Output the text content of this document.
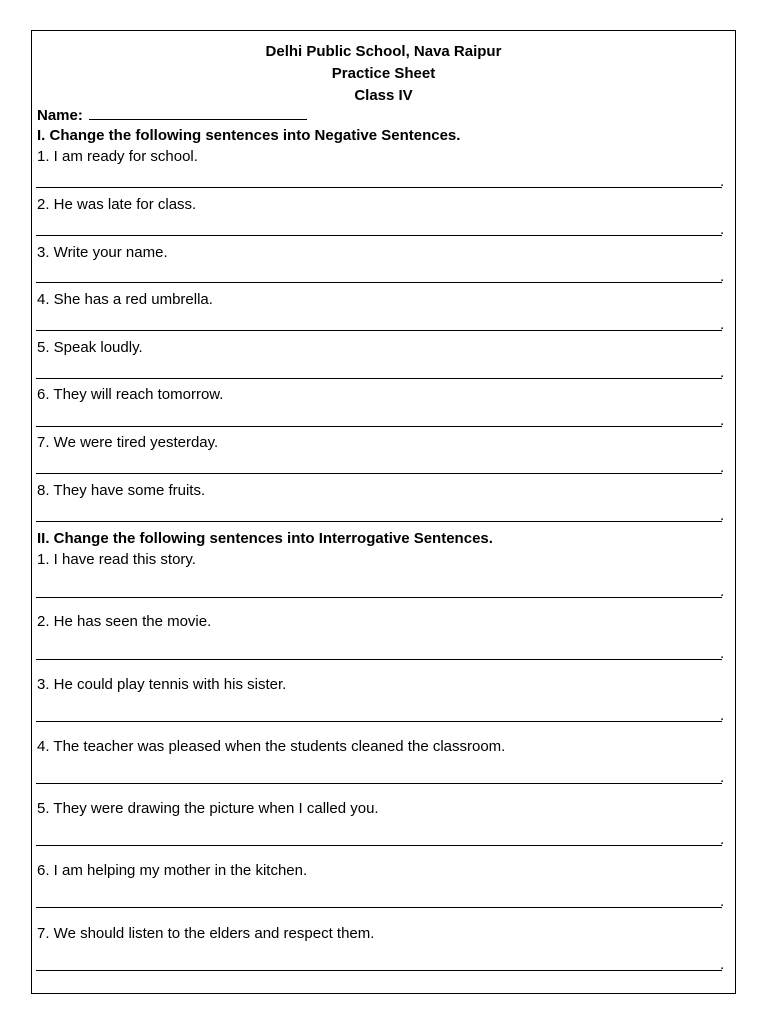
Delhi Public School, Nava Raipur
Practice Sheet
Class IV
Name:
I. Change the following sentences into Negative Sentences.
1. I am ready for school.
.
2. He was late for class.
.
3. Write your name.
.
4. She has a red umbrella.
.
5. Speak loudly.
.
6. They will reach tomorrow.
.
7. We were tired yesterday.
.
8. They have some fruits.
.
II. Change the following sentences into Interrogative Sentences.
1. I have read this story.
.
2. He has seen the movie.
.
3. He could play tennis with his sister.
.
4. The teacher was pleased when the students cleaned the classroom.
.
5. They were drawing the picture when I called you.
.
6. I am helping my mother in the kitchen.
.
7. We should listen to the elders and respect them.
.
